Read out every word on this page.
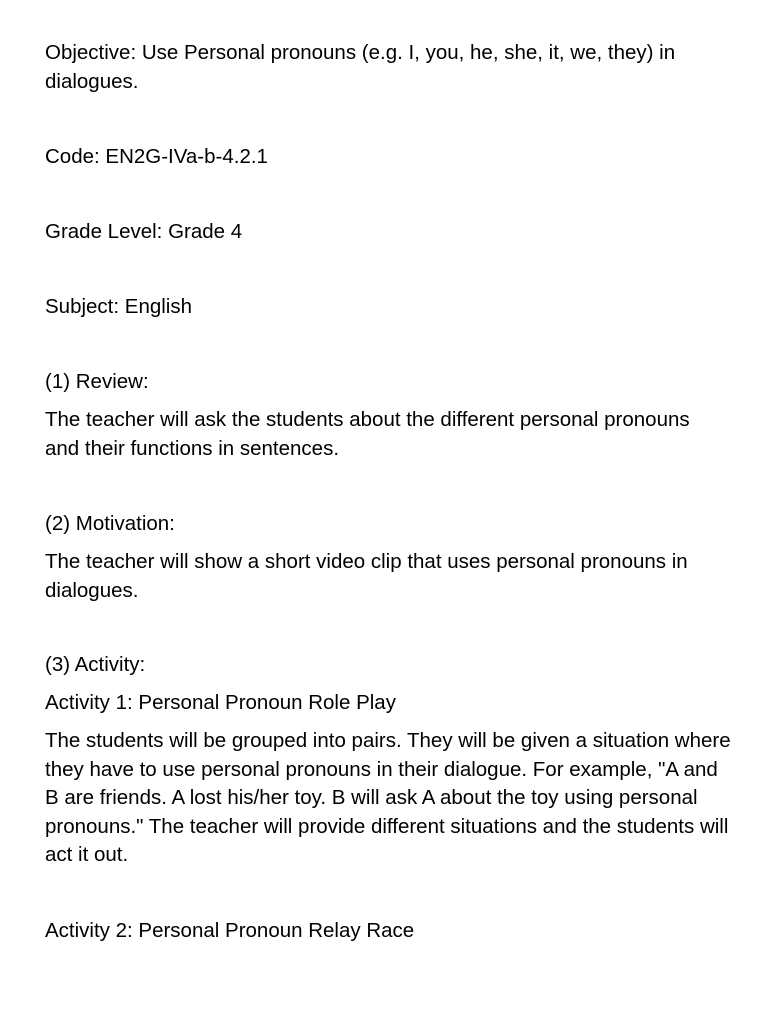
Objective: Use Personal pronouns (e.g. I, you, he, she, it, we, they) in dialogues.
Code: EN2G-IVa-b-4.2.1
Grade Level: Grade 4
Subject: English
(1) Review:
The teacher will ask the students about the different personal pronouns and their functions in sentences.
(2) Motivation:
The teacher will show a short video clip that uses personal pronouns in dialogues.
(3) Activity:
Activity 1: Personal Pronoun Role Play
The students will be grouped into pairs. They will be given a situation where they have to use personal pronouns in their dialogue. For example, "A and B are friends. A lost his/her toy. B will ask A about the toy using personal pronouns." The teacher will provide different situations and the students will act it out.
Activity 2: Personal Pronoun Relay Race
